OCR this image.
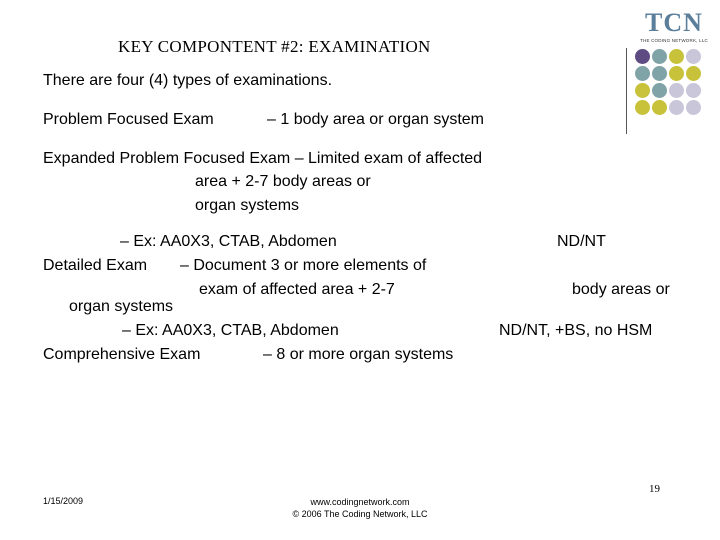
TCN
THE CODING NETWORK, LLC
KEY COMPONTENT #2: EXAMINATION
There are four (4) types of examinations.
Problem Focused Exam	– 1 body area or organ system
Expanded Problem Focused Exam – Limited exam of affected
area + 2-7 body areas or
organ systems
– Ex: AA0X3, CTAB, Abdomen	ND/NT
Detailed Exam – Document 3 or more elements of
exam of affected area + 2-7	body areas or
organ systems
– Ex: AA0X3, CTAB, Abdomen	ND/NT, +BS, no HSM
Comprehensive Exam	– 8 or more organ systems
1/15/2009	www.codingnetwork.com
© 2006 The Coding Network, LLC
19
